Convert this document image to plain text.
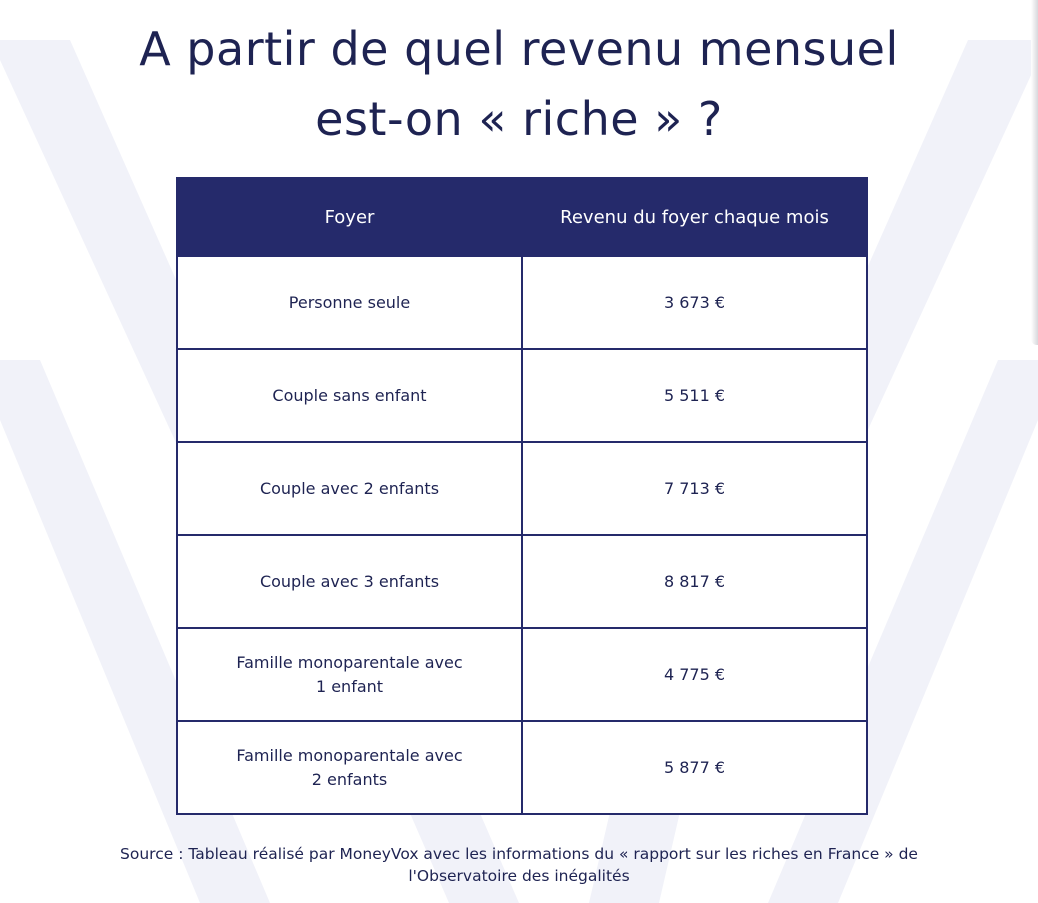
A partir de quel revenu mensuel
est-on « riche » ?
Foyer	Revenu du foyer chaque mois
Personne seule	3 673 €
Couple sans enfant	5 511 €
Couple avec 2 enfants	7 713 €
Couple avec 3 enfants	8 817 €

Famille monoparentale avec 1 enfant	4 775 €

Famille monoparentale avec 2 enfants	5 877 €
Source : Tableau réalisé par MoneyVox avec les informations du « rapport sur les riches en France » de l'Observatoire des inégalités
